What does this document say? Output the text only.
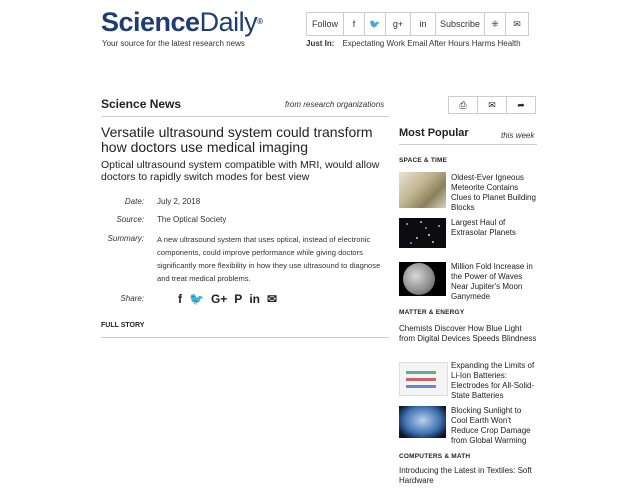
ScienceDaily®	Follow	f	🐦	g+	in	Subscribe	⁜	✉
Your source for the latest research news	Just In: Expectating Work Email After Hours Harms Health
Science News	from research organizations	⎙	✉	➦
Versatile ultrasound system could transform how doctors use medical imaging
Optical ultrasound system compatible with MRI, would allow doctors to rapidly switch modes for best view
Date: July 2, 2018
Source: The Optical Society
Summary: A new ultrasound system that uses optical, instead of electronic components, could improve performance while giving doctors significantly more flexibility in how they use ultrasound to diagnose and treat medical problems.
Share:	f 🐦 G+ P in ✉
FULL STORY
Most Popular	this week
SPACE & TIME
Oldest-Ever Igneous Meteorite Contains Clues to Planet Building Blocks
Largest Haul of Extrasolar Planets
Million Fold Increase in the Power of Waves Near Jupiter's Moon Ganymede
MATTER & ENERGY
Chemists Discover How Blue Light from Digital Devices Speeds Blindness
Expanding the Limits of Li-Ion Batteries: Electrodes for All-Solid-State Batteries
Blocking Sunlight to Cool Earth Won't Reduce Crop Damage from Global Warming
COMPUTERS & MATH
Introducing the Latest in Textiles: Soft Hardware
